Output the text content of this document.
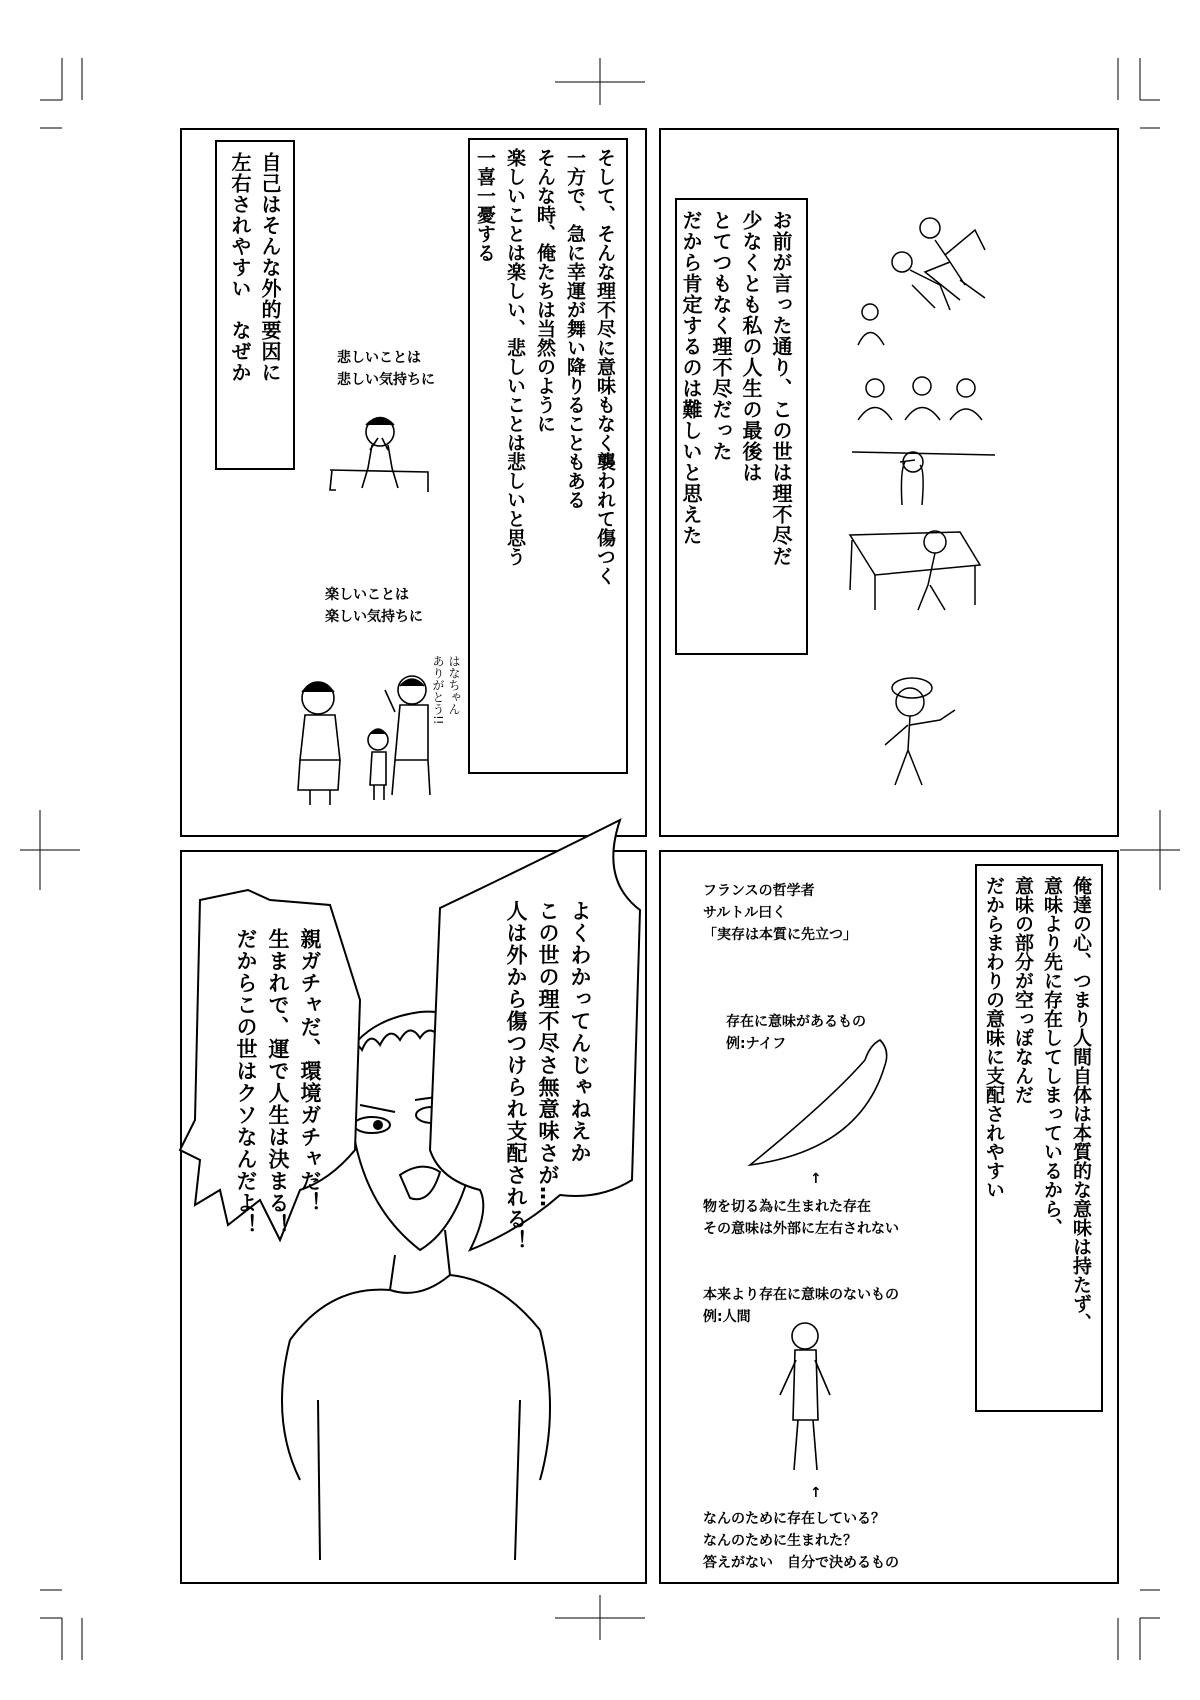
お前が言った通り、この世は理不尽だ
少なくとも私の人生の最後は
とてつもなく理不尽だった
だから肯定するのは難しいと思えた
そして、そんな理不尽に意味もなく襲われて傷つく
一方で、急に幸運が舞い降りることもある
そんな時、俺たちは当然のように
楽しいことは楽しい、悲しいことは悲しいと思う
一喜一憂する
自己はそんな外的要因に
左右されやすい　なぜか	悲しいことは
悲しい気持ちに
楽しいことは
楽しい気持ちに
はなちゃん
ありがとう!!
よくわかってんじゃねえか
この世の理不尽さ無意味さが…
人は外から傷つけられ支配される！
親ガチャだ、環境ガチャだ！
生まれで、運で人生は決まる！
だからこの世はクソなんだよ！	俺達の心、つまり人間自体は本質的な意味は持たず、
意味より先に存在してしまっているから、
意味の部分が空っぽなんだ
だからまわりの意味に支配されやすい
フランスの哲学者
サルトル曰く
「実存は本質に先立つ」
存在に意味があるもの
例:ナイフ
↑
物を切る為に生まれた存在
その意味は外部に左右されない
本来より存在に意味のないもの
例:人間
↑
なんのために存在している？
なんのために生まれた？
答えがない　自分で決めるもの
